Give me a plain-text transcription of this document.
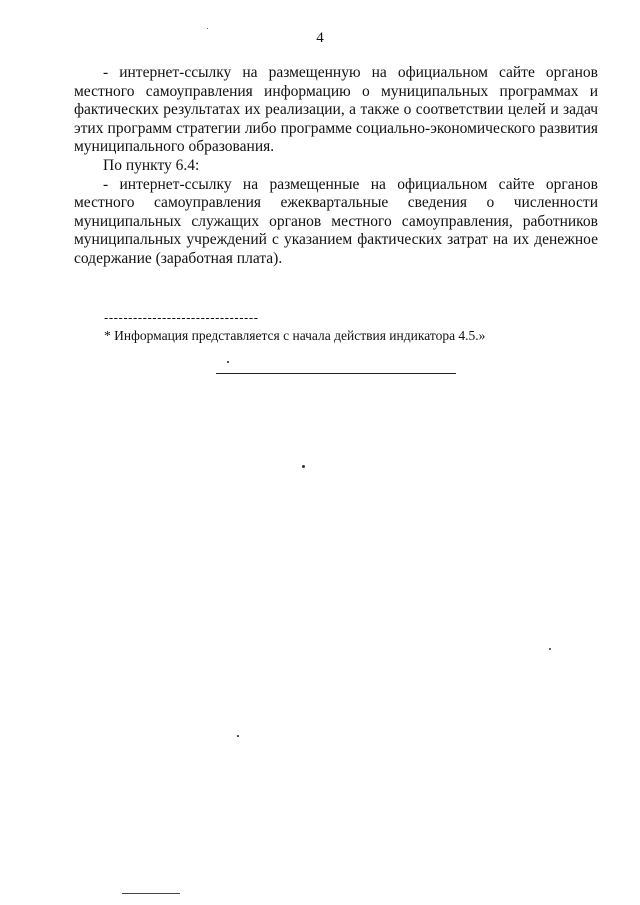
4

- интернет-ссылку на размещенную на официальном сайте органов местного самоуправления информацию о муниципальных программах и фактических результатах их реализации, а также о соответствии целей и задач этих программ стратегии либо программе социально-экономического развития муниципального образования.

По пункту 6.4:

- интернет-ссылку на размещенные на официальном сайте органов местного самоуправления ежеквартальные сведения о численности муниципальных служащих органов местного самоуправления, работников муниципальных учреждений с указанием фактических затрат на их денежное содержание (заработная плата).

--------------------------------
* Информация представляется с начала действия индикатора 4.5.»
